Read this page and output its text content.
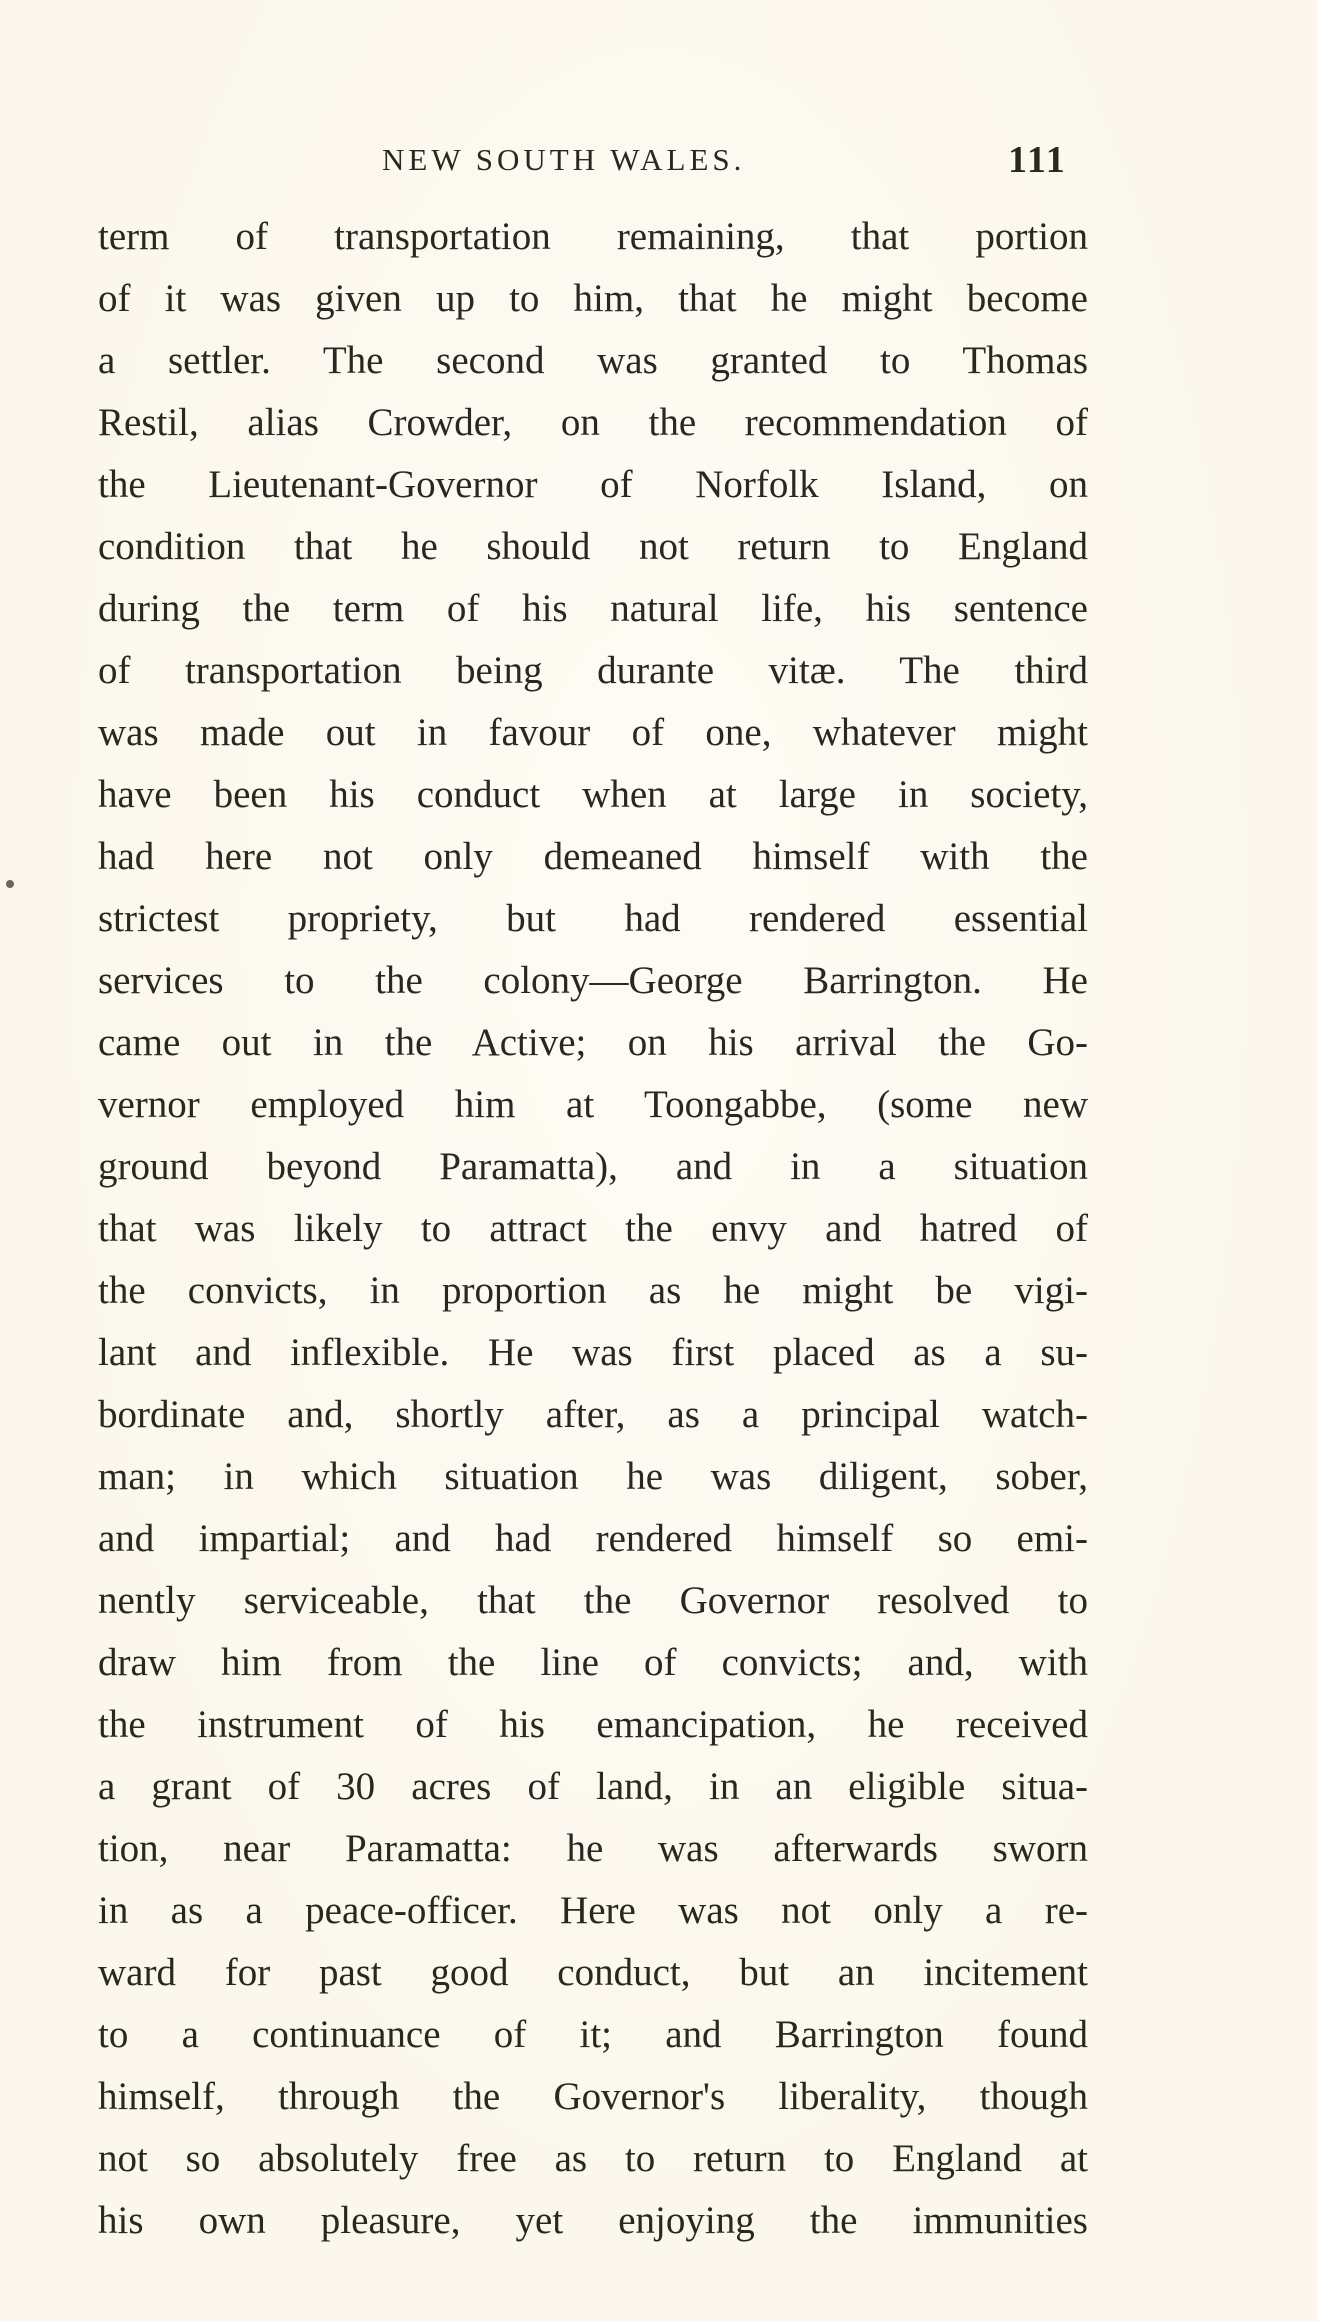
NEW SOUTH WALES.	111
term of transportation remaining, that portion
of it was given up to him, that he might become
a settler. The second was granted to Thomas
Restil, alias Crowder, on the recommendation of
the Lieutenant-Governor of Norfolk Island, on
condition that he should not return to England
during the term of his natural life, his sentence
of transportation being durante vitæ. The third
was made out in favour of one, whatever might
have been his conduct when at large in society,
had here not only demeaned himself with the
strictest propriety, but had rendered essential
services to the colony—George Barrington. He
came out in the Active; on his arrival the Go-
vernor employed him at Toongabbe, (some new
ground beyond Paramatta), and in a situation
that was likely to attract the envy and hatred of
the convicts, in proportion as he might be vigi-
lant and inflexible. He was first placed as a su-
bordinate and, shortly after, as a principal watch-
man; in which situation he was diligent, sober,
and impartial; and had rendered himself so emi-
nently serviceable, that the Governor resolved to
draw him from the line of convicts; and, with
the instrument of his emancipation, he received
a grant of 30 acres of land, in an eligible situa-
tion, near Paramatta: he was afterwards sworn
in as a peace-officer. Here was not only a re-
ward for past good conduct, but an incitement
to a continuance of it; and Barrington found
himself, through the Governor's liberality, though
not so absolutely free as to return to England at
his own pleasure, yet enjoying the immunities
